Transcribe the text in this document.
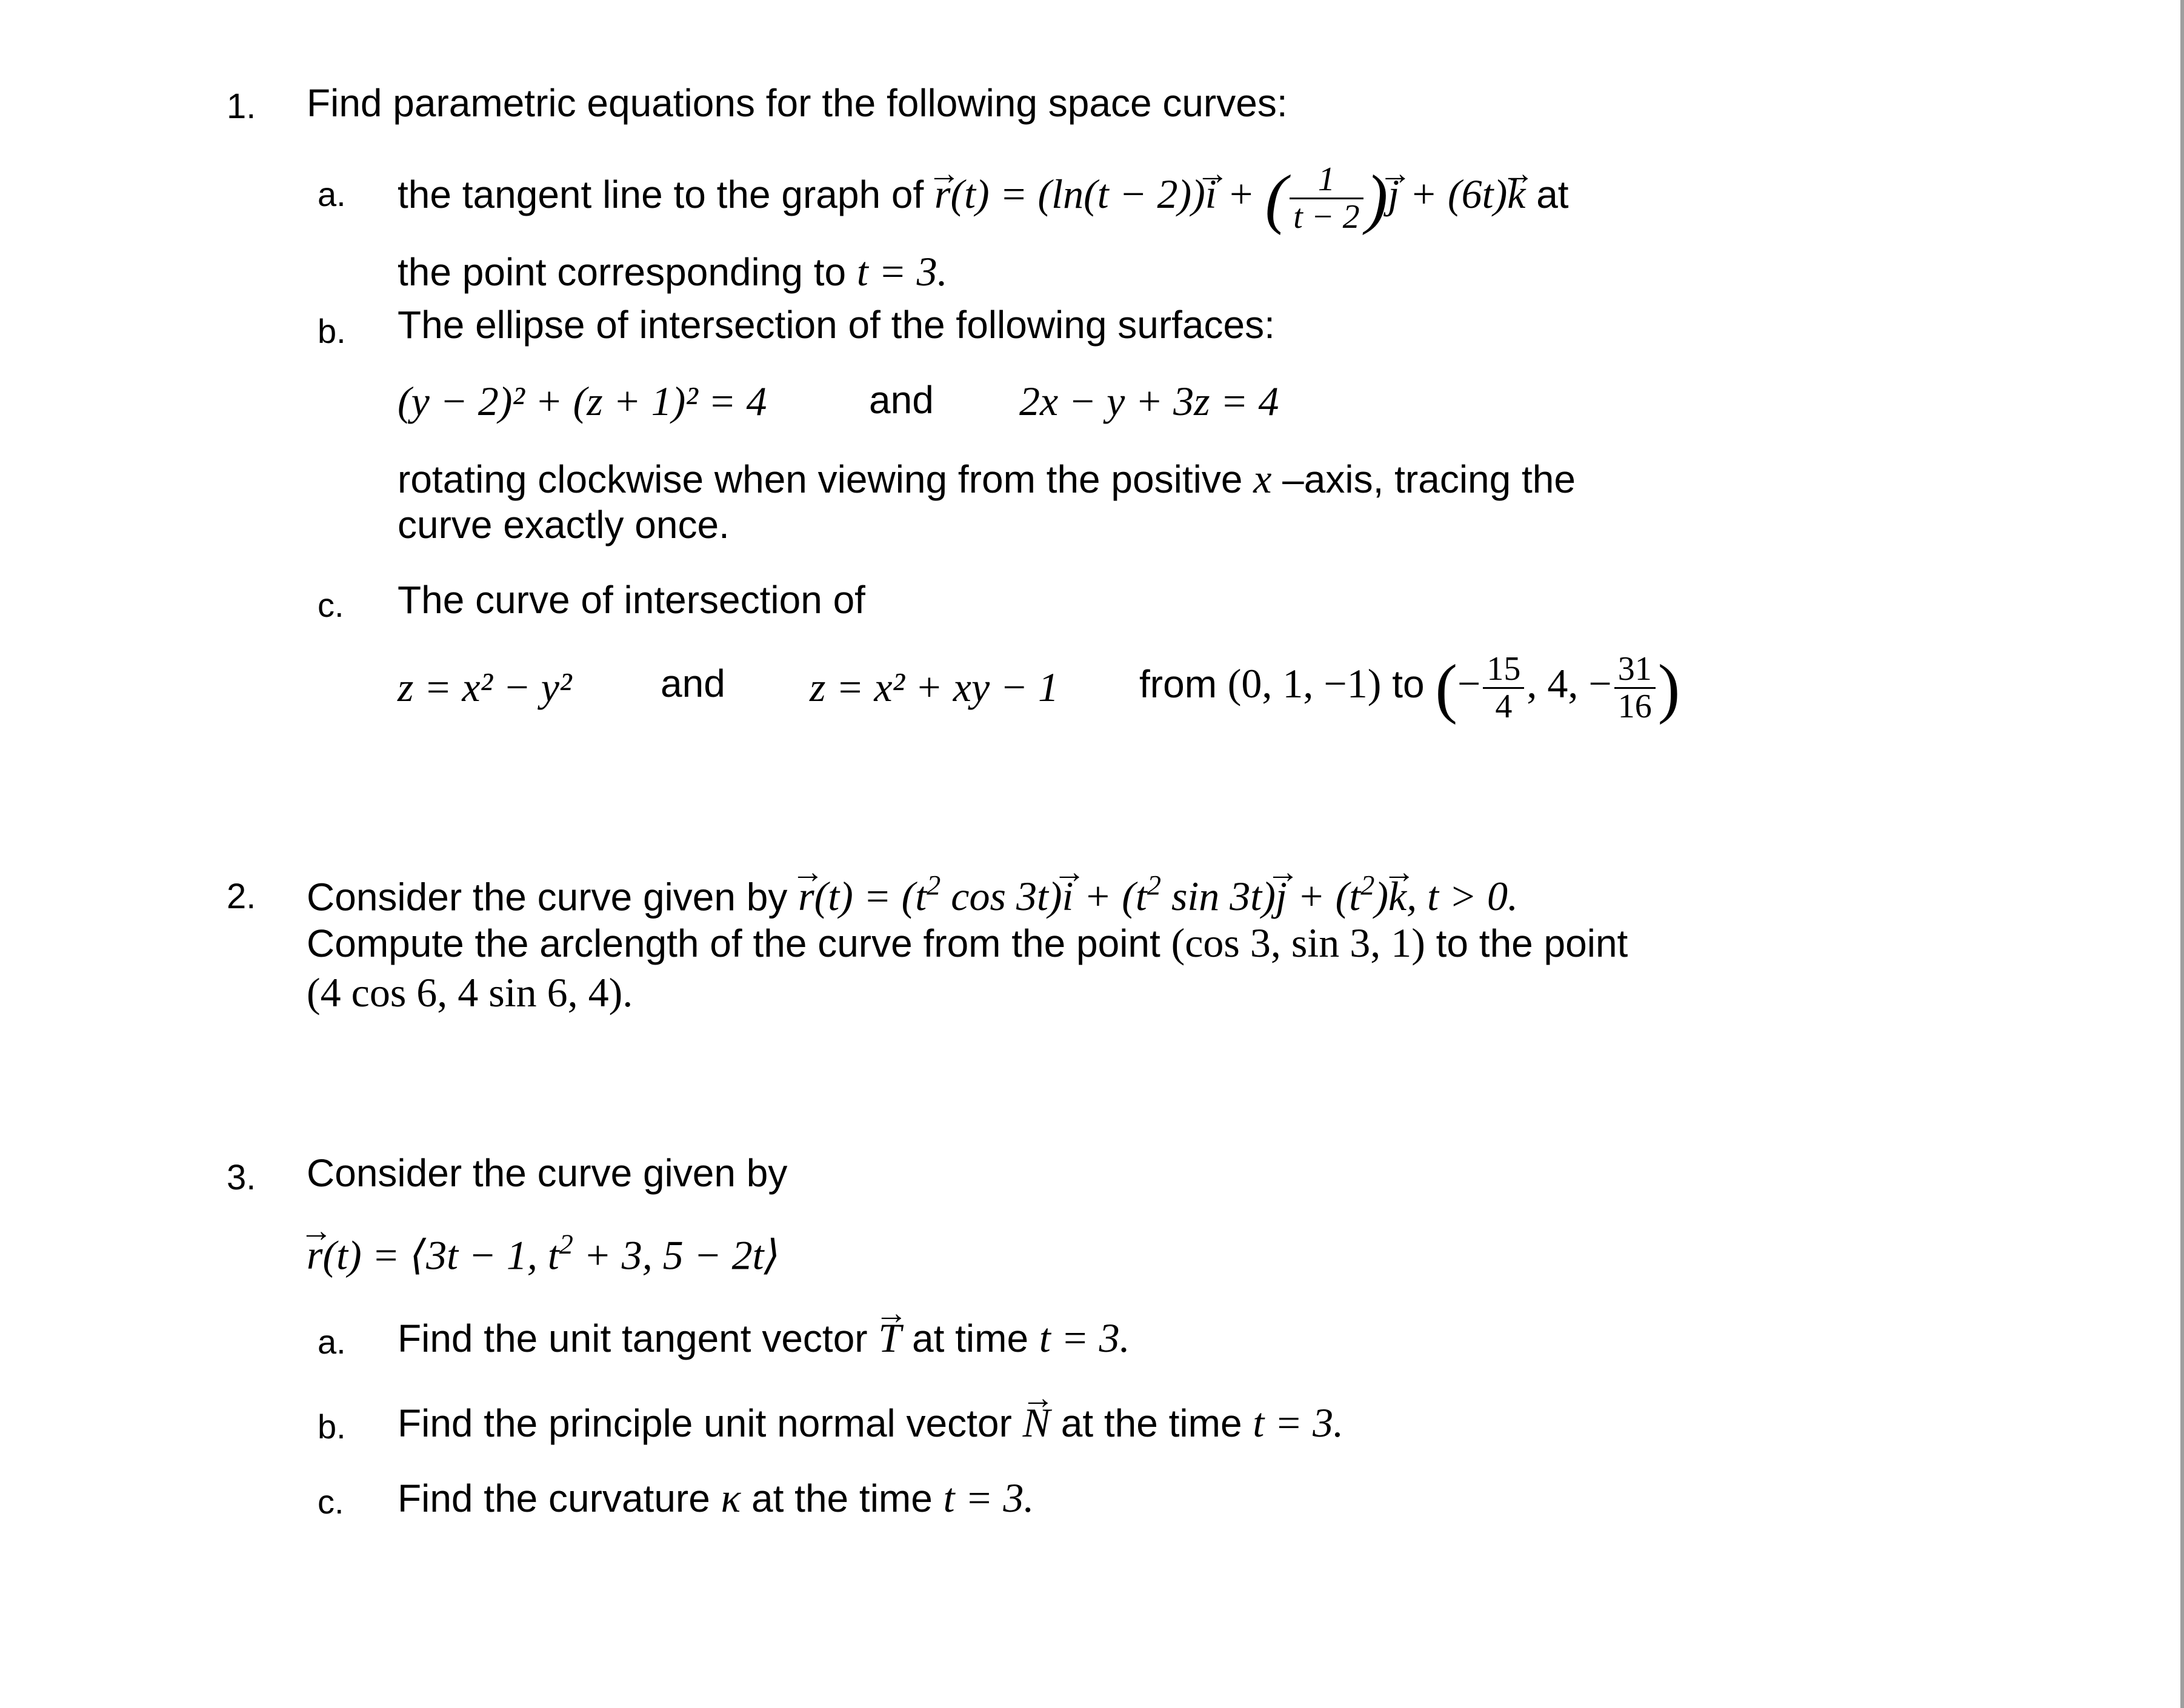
1. Find parametric equations for the following space curves:
a. the tangent line to the graph of → r(t) = (ln(t − 2))→ i + ( $\frac{1}{t - 2}$ )→ j + (6t)→ k at
the point corresponding to t = 3.
b. The ellipse of intersection of the following surfaces:
(y − 2)² + (z + 1)² = 4	and 2x − y + 3z = 4
rotating clockwise when viewing from the positive x –axis, tracing the
curve exactly once.
c. The curve of intersection of
z = x² − y² and z = x² + xy − 1 from (0, 1, −1) to (− $\frac{15}{4}$ , 4, − $\frac{31}{16}$ )
2. Consider the curve given by → $r(t) = (t^2$ $\cos 3t)\to i + (t^2$ $\sin 3t)\to j + (t^2)\to k$, t > 0.
Compute the arclength of the curve from the point (cos 3, sin 3, 1) to the point
(4 cos 6, 4 sin 6, 4).
3. Consider the curve given by
→ r(t) = ⟨3t − 1, $t^2 + 3$, 5 − 2t⟩
a. Find the unit tangent vector → T at time t = 3.
b. Find the principle unit normal vector → N at the time t = 3.
c. Find the curvature κ at the time t = 3.
